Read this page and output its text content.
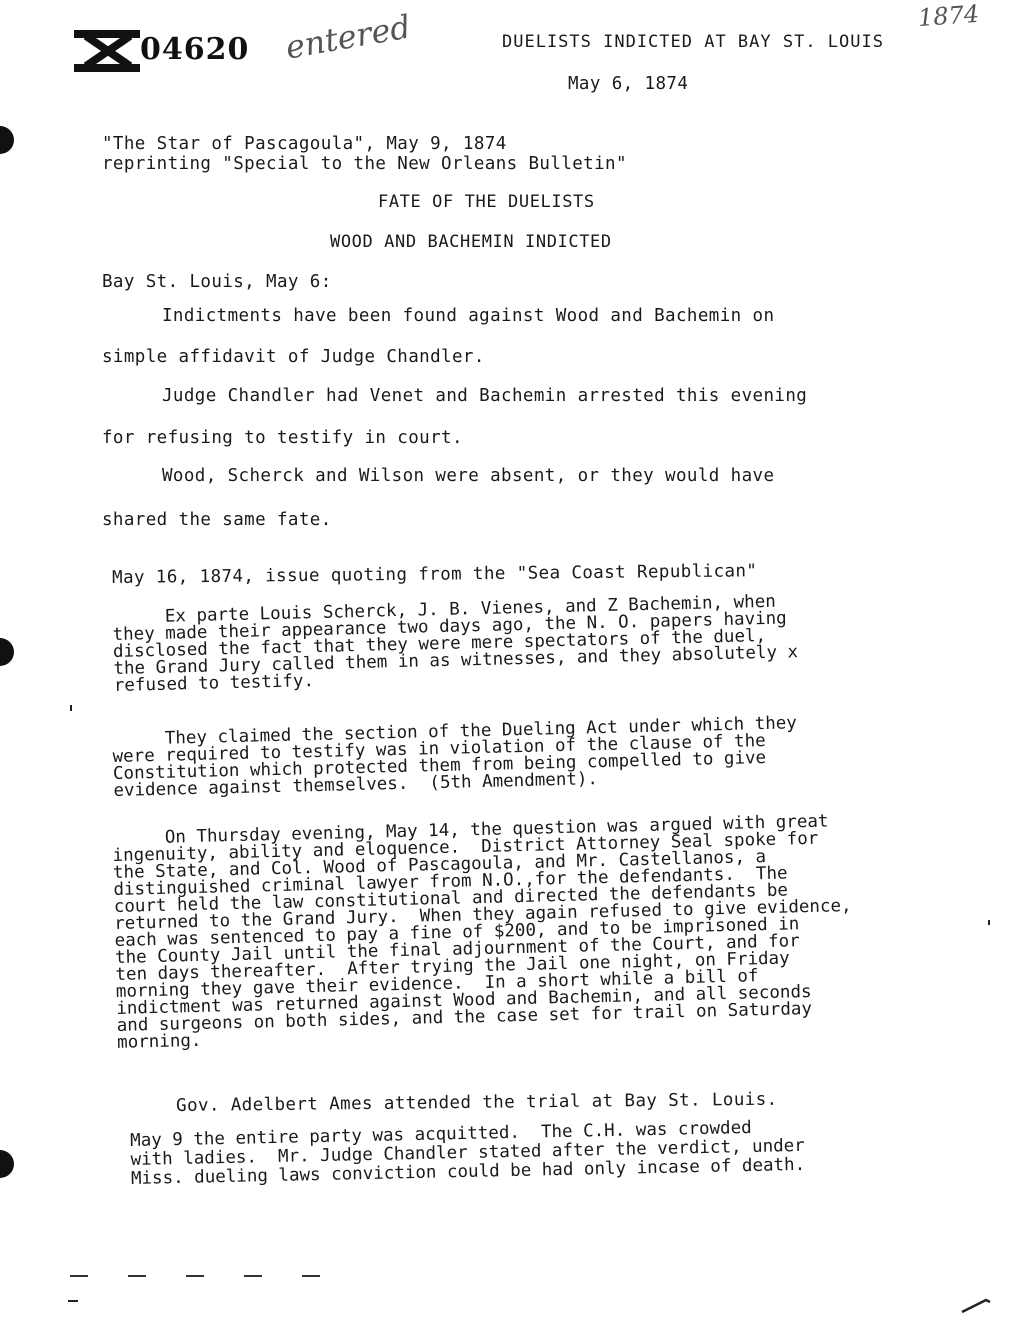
04620 entered	1874
DUELISTS INDICTED AT BAY ST. LOUIS
May 6, 1874
"The Star of Pascagoula", May 9, 1874
reprinting "Special to the New Orleans Bulletin"
FATE OF THE DUELISTS
WOOD AND BACHEMIN INDICTED
Bay St. Louis, May 6:
Indictments have been found against Wood and Bachemin on
simple affidavit of Judge Chandler.
Judge Chandler had Venet and Bachemin arrested this evening
for refusing to testify in court.
Wood, Scherck and Wilson were absent, or they would have
shared the same fate.
May 16, 1874, issue quoting from the "Sea Coast Republican"
Ex parte Louis Scherck, J. B. Vienes, and Z Bachemin, when
they made their appearance two days ago, the N. O. papers having
disclosed the fact that they were mere spectators of the duel,
the Grand Jury called them in as witnesses, and they absolutely x
refused to testify.
They claimed the section of the Dueling Act under which they
were required to testify was in violation of the clause of the
Constitution which protected them from being compelled to give
evidence against themselves.  (5th Amendment).
On Thursday evening, May 14, the question was argued with great
ingenuity, ability and eloquence.  District Attorney Seal spoke for
the State, and Col. Wood of Pascagoula, and Mr. Castellanos, a
distinguished criminal lawyer from N.O.,for the defendants.  The
court held the law constitutional and directed the defendants be
returned to the Grand Jury.  When they again refused to give evidence,
each was sentenced to pay a fine of $200, and to be imprisoned in
the County Jail until the final adjournment of the Court, and for
ten days thereafter.  After trying the Jail one night, on Friday
morning they gave their evidence.  In a short while a bill of
indictment was returned against Wood and Bachemin, and all seconds
and surgeons on both sides, and the case set for trail on Saturday
morning.
Gov. Adelbert Ames attended the trial at Bay St. Louis.
May 9 the entire party was acquitted.  The C.H. was crowded
with ladies.  Mr. Judge Chandler stated after the verdict, under
Miss. dueling laws conviction could be had only incase of death.
